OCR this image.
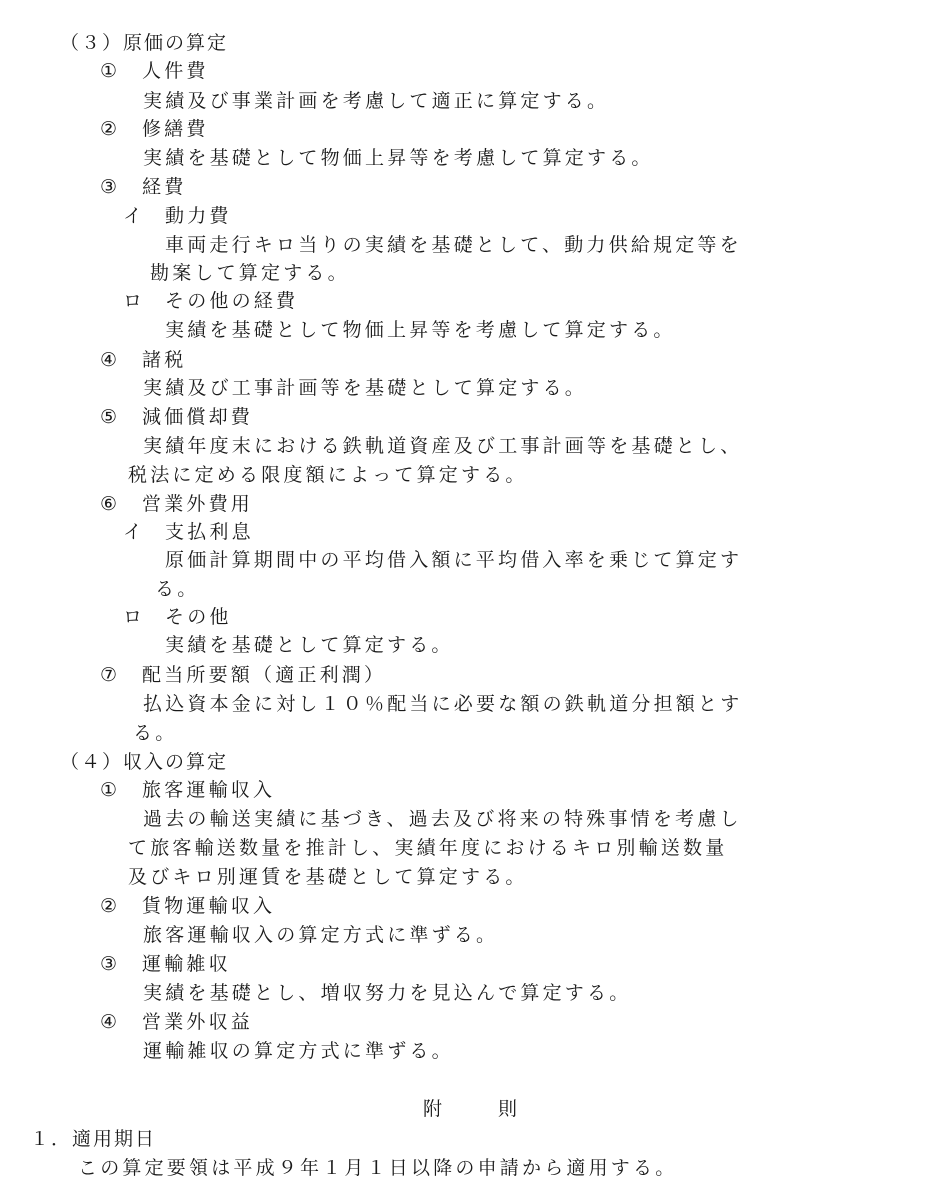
（３）原価の算定
① 人件費
実績及び事業計画を考慮して適正に算定する。
② 修繕費
実績を基礎として物価上昇等を考慮して算定する。
③ 経費
イ 動力費
車両走行キロ当りの実績を基礎として、動力供給規定等を
勘案して算定する。
ロ その他の経費
実績を基礎として物価上昇等を考慮して算定する。
④ 諸税
実績及び工事計画等を基礎として算定する。
⑤ 減価償却費
実績年度末における鉄軌道資産及び工事計画等を基礎とし、
税法に定める限度額によって算定する。
⑥ 営業外費用
イ 支払利息
原価計算期間中の平均借入額に平均借入率を乗じて算定す
る。
ロ その他
実績を基礎として算定する。
⑦ 配当所要額（適正利潤）
払込資本金に対し１０％配当に必要な額の鉄軌道分担額とす
る。
（４）収入の算定
① 旅客運輸収入
過去の輸送実績に基づき、過去及び将来の特殊事情を考慮し
て旅客輸送数量を推計し、実績年度におけるキロ別輸送数量
及びキロ別運賃を基礎として算定する。
② 貨物運輸収入
旅客運輸収入の算定方式に準ずる。
③ 運輸雑収
実績を基礎とし、増収努力を見込んで算定する。
④ 営業外収益
運輸雑収の算定方式に準ずる。
附	則
１．適用期日
この算定要領は平成９年１月１日以降の申請から適用する。
